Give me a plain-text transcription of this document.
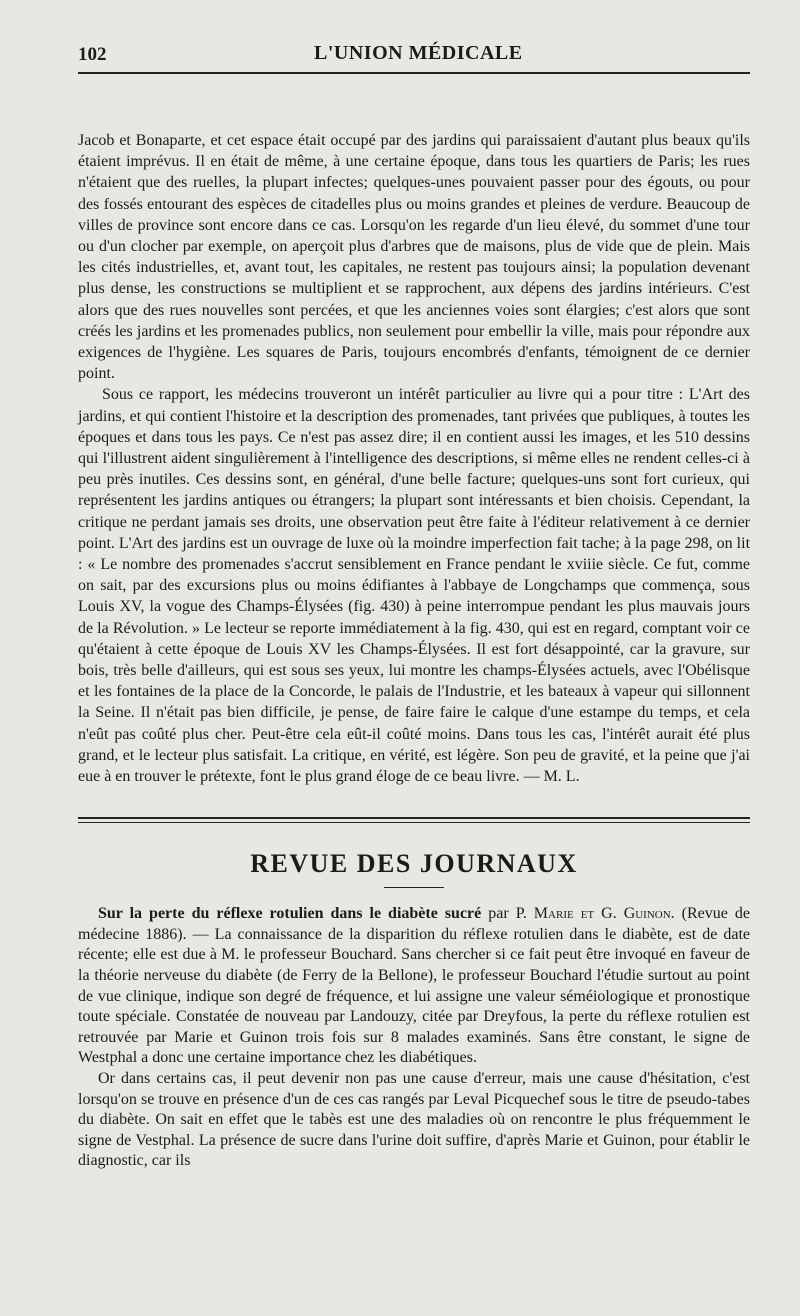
102	L'UNION MÉDICALE

Jacob et Bonaparte, et cet espace était occupé par des jardins qui paraissaient d'autant plus beaux qu'ils étaient imprévus. Il en était de même, à une certaine époque, dans tous les quartiers de Paris; les rues n'étaient que des ruelles, la plupart infectes; quelques-unes pouvaient passer pour des égouts, ou pour des fossés entourant des espèces de citadelles plus ou moins grandes et pleines de verdure. Beaucoup de villes de province sont encore dans ce cas. Lorsqu'on les regarde d'un lieu élevé, du sommet d'une tour ou d'un clocher par exemple, on aperçoit plus d'arbres que de maisons, plus de vide que de plein. Mais les cités industrielles, et, avant tout, les capitales, ne restent pas toujours ainsi; la population devenant plus dense, les constructions se multiplient et se rapprochent, aux dépens des jardins intérieurs. C'est alors que des rues nouvelles sont percées, et que les anciennes voies sont élargies; c'est alors que sont créés les jardins et les promenades publics, non seulement pour embellir la ville, mais pour répondre aux exigences de l'hygiène. Les squares de Paris, toujours encombrés d'enfants, témoignent de ce dernier point.

Sous ce rapport, les médecins trouveront un intérêt particulier au livre qui a pour titre : L'Art des jardins, et qui contient l'histoire et la description des promenades, tant privées que publiques, à toutes les époques et dans tous les pays. Ce n'est pas assez dire; il en contient aussi les images, et les 510 dessins qui l'illustrent aident singulièrement à l'intelligence des descriptions, si même elles ne rendent celles-ci à peu près inutiles. Ces dessins sont, en général, d'une belle facture; quelques-uns sont fort curieux, qui représentent les jardins antiques ou étrangers; la plupart sont intéressants et bien choisis. Cependant, la critique ne perdant jamais ses droits, une observation peut être faite à l'éditeur relativement à ce dernier point. L'Art des jardins est un ouvrage de luxe où la moindre imperfection fait tache; à la page 298, on lit : « Le nombre des promenades s'accrut sensiblement en France pendant le xviiie siècle. Ce fut, comme on sait, par des excursions plus ou moins édifiantes à l'abbaye de Longchamps que commença, sous Louis XV, la vogue des Champs-Élysées (fig. 430) à peine interrompue pendant les plus mauvais jours de la Révolution. » Le lecteur se reporte immédiatement à la fig. 430, qui est en regard, comptant voir ce qu'étaient à cette époque de Louis XV les Champs-Élysées. Il est fort désappointé, car la gravure, sur bois, très belle d'ailleurs, qui est sous ses yeux, lui montre les champs-Élysées actuels, avec l'Obélisque et les fontaines de la place de la Concorde, le palais de l'Industrie, et les bateaux à vapeur qui sillonnent la Seine. Il n'était pas bien difficile, je pense, de faire faire le calque d'une estampe du temps, et cela n'eût pas coûté plus cher. Peut-être cela eût-il coûté moins. Dans tous les cas, l'intérêt aurait été plus grand, et le lecteur plus satisfait. La critique, en vérité, est légère. Son peu de gravité, et la peine que j'ai eue à en trouver le prétexte, font le plus grand éloge de ce beau livre. — M. L.

REVUE DES JOURNAUX

Sur la perte du réflexe rotulien dans le diabète sucré par P. Marie et G. Guinon. (Revue de médecine 1886). — La connaissance de la disparition du réflexe rotulien dans le diabète, est de date récente; elle est due à M. le professeur Bouchard. Sans chercher si ce fait peut être invoqué en faveur de la théorie nerveuse du diabète (de Ferry de la Bellone), le professeur Bouchard l'étudie surtout au point de vue clinique, indique son degré de fréquence, et lui assigne une valeur séméiologique et pronostique toute spéciale. Constatée de nouveau par Landouzy, citée par Dreyfous, la perte du réflexe rotulien est retrouvée par Marie et Guinon trois fois sur 8 malades examinés. Sans être constant, le signe de Westphal a donc une certaine importance chez les diabétiques.

Or dans certains cas, il peut devenir non pas une cause d'erreur, mais une cause d'hésitation, c'est lorsqu'on se trouve en présence d'un de ces cas rangés par Leval Picquechef sous le titre de pseudo-tabes du diabète. On sait en effet que le tabès est une des maladies où on rencontre le plus fréquemment le signe de Vestphal. La présence de sucre dans l'urine doit suffire, d'après Marie et Guinon, pour établir le diagnostic, car ils
